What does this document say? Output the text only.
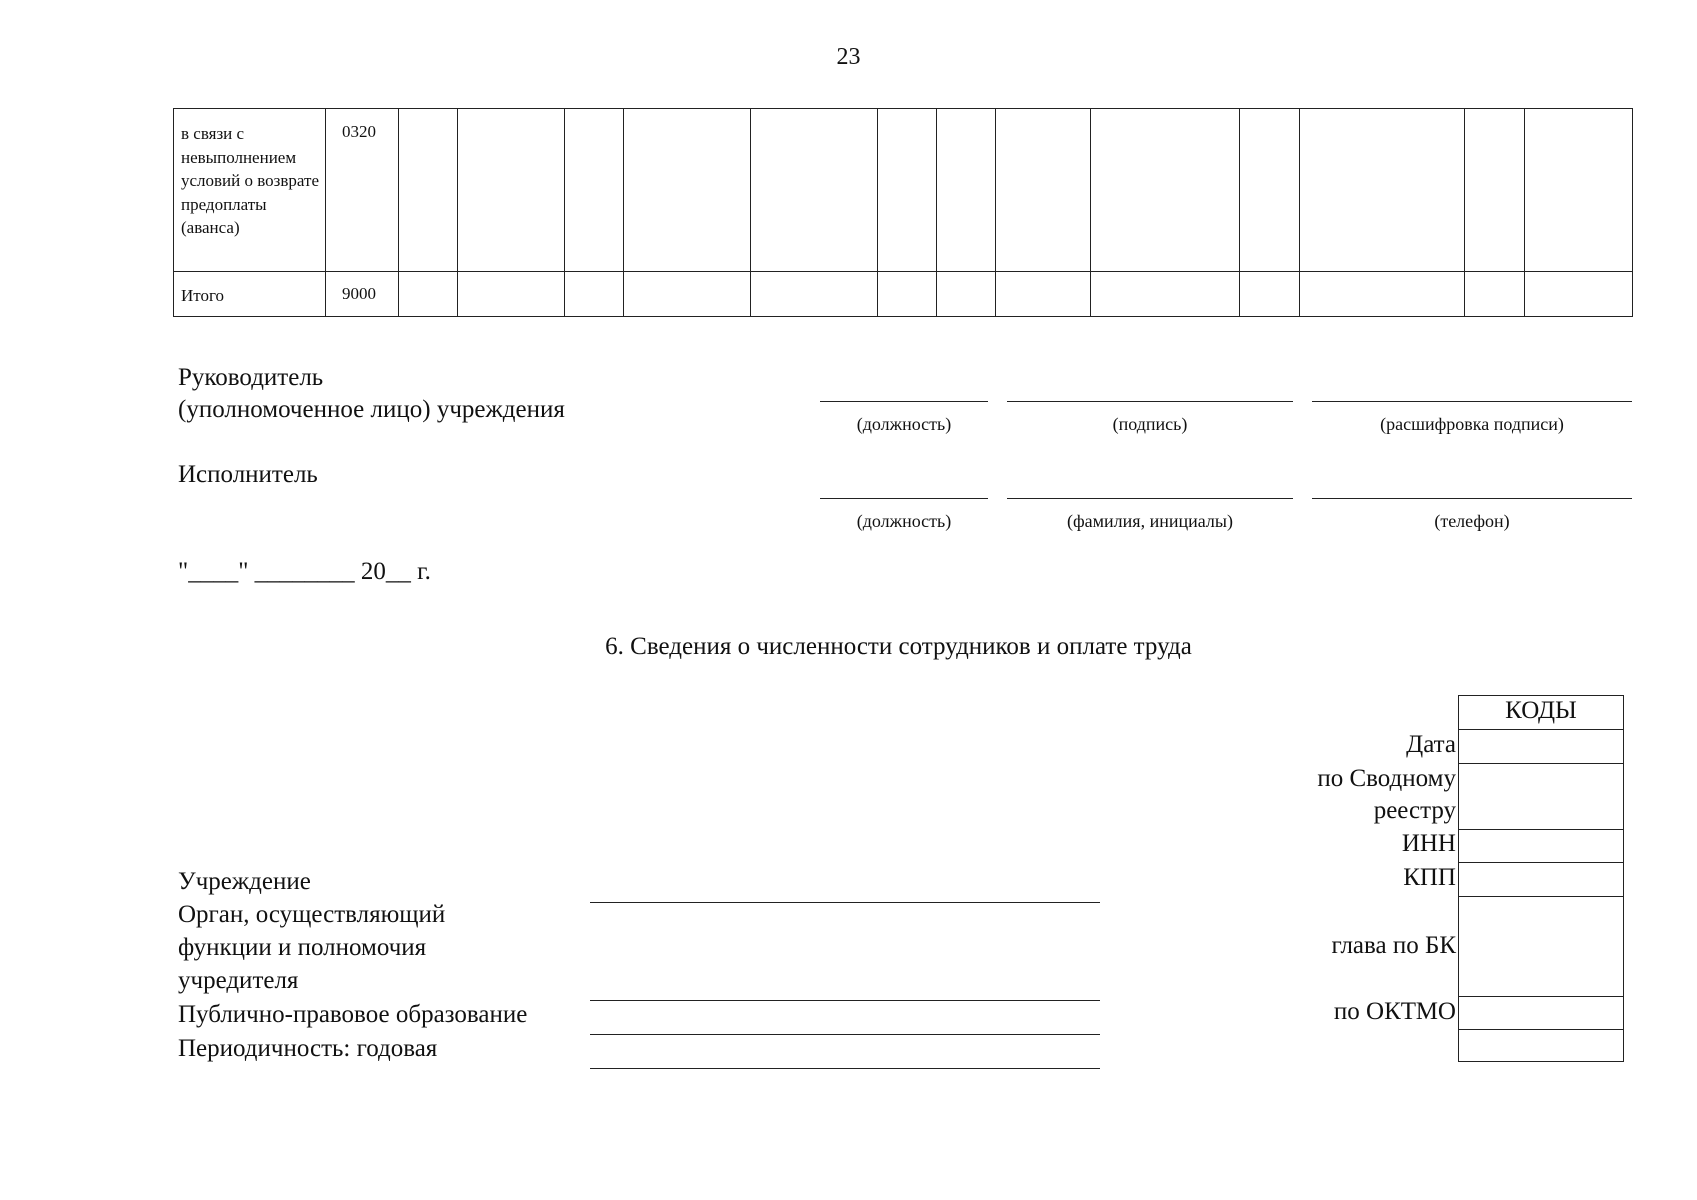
23
в связи с невыполнением условий о возврате предоплаты (аванса)	0320													
Итого	9000													
Руководитель
(уполномоченное лицо) учреждения
(должность)	(подпись)	(расшифровка подписи)
Исполнитель
(должность)	(фамилия, инициалы)	(телефон)
"____" ________ 20__ г.
6. Сведения о численности сотрудников и оплате труда
КОДЫ
Дата
по Сводному
реестру
ИНН
КПП
глава по БК
по ОКТМО
Учреждение
Орган, осуществляющий
функции и полномочия
учредителя
Публично-правовое образование
Периодичность: годовая
